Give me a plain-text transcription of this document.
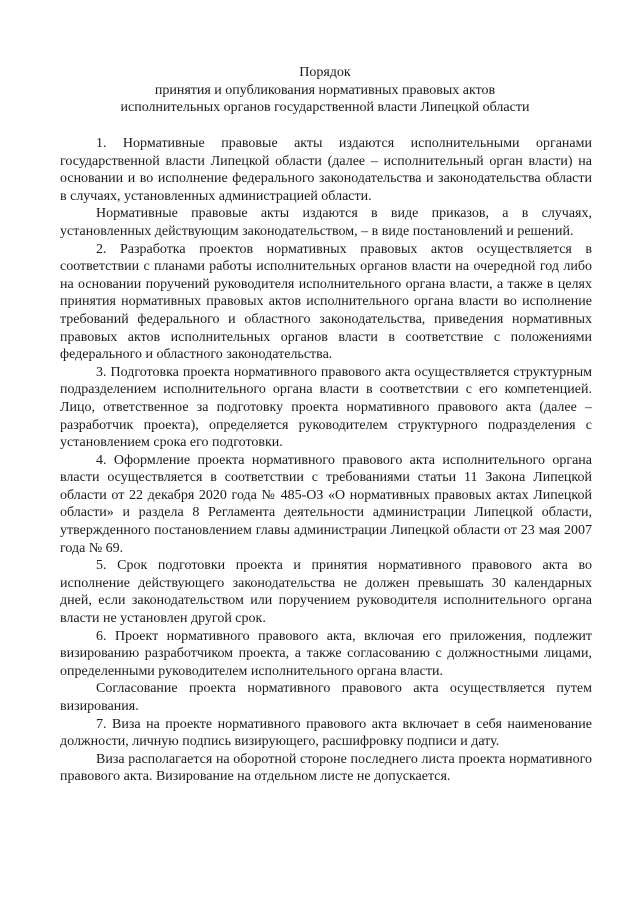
Порядок
принятия и опубликования нормативных правовых актов
исполнительных органов государственной власти Липецкой области

1. Нормативные правовые акты издаются исполнительными органами государственной власти Липецкой области (далее – исполнительный орган власти) на основании и во исполнение федерального законодательства и законодательства области в случаях, установленных администрацией области.

Нормативные правовые акты издаются в виде приказов, а в случаях, установленных действующим законодательством, – в виде постановлений и решений.

2. Разработка проектов нормативных правовых актов осуществляется в соответствии с планами работы исполнительных органов власти на очередной год либо на основании поручений руководителя исполнительного органа власти, а также в целях принятия нормативных правовых актов исполнительного органа власти во исполнение требований федерального и областного законодательства, приведения нормативных правовых актов исполнительных органов власти в соответствие с положениями федерального и областного законодательства.

3. Подготовка проекта нормативного правового акта осуществляется структурным подразделением исполнительного органа власти в соответствии с его компетенцией. Лицо, ответственное за подготовку проекта нормативного правового акта (далее – разработчик проекта), определяется руководителем структурного подразделения с установлением срока его подготовки.

4. Оформление проекта нормативного правового акта исполнительного органа власти осуществляется в соответствии с требованиями статьи 11 Закона Липецкой области от 22 декабря 2020 года № 485-ОЗ «О нормативных правовых актах Липецкой области» и раздела 8 Регламента деятельности администрации Липецкой области, утвержденного постановлением главы администрации Липецкой области от 23 мая 2007 года № 69.

5. Срок подготовки проекта и принятия нормативного правового акта во исполнение действующего законодательства не должен превышать 30 календарных дней, если законодательством или поручением руководителя исполнительного органа власти не установлен другой срок.

6. Проект нормативного правового акта, включая его приложения, подлежит визированию разработчиком проекта, а также согласованию с должностными лицами, определенными руководителем исполнительного органа власти.

Согласование проекта нормативного правового акта осуществляется путем визирования.

7. Виза на проекте нормативного правового акта включает в себя наименование должности, личную подпись визирующего, расшифровку подписи и дату.

Виза располагается на оборотной стороне последнего листа проекта нормативного правового акта. Визирование на отдельном листе не допускается.
